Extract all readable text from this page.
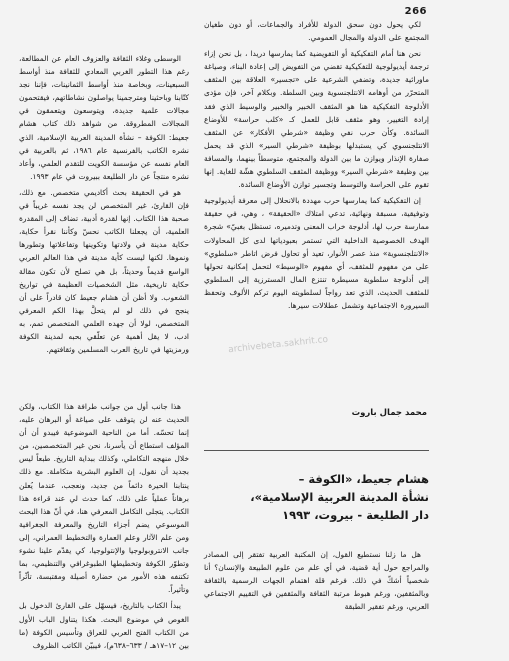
266

لكي يحول دون سحق الدولة للأفراد والجماعات، أو دون طغيان المجتمع على الدولة والمجال العمومي.

نحن هنا أمام التفكيكية أو التفويضية كما يمارسها دريدا ، بل نحن إزاء ترجمة أيديولوجية للتفكيكية تقضي من التفويض إلى إعادة البناء، وصياغة ماورائية جديدة، وتضفي الشرعية على «تجسير» العلاقة بين المثقف المتحرّر من أوهامه الانتلجنسوية وبين السلطة. وبكلام آخر، فإن مؤدى الأدلوجة التفكيكية هنا هو المثقف الخبير والخبير والوسيط الذي فقد إرادة التغيير، وهو مثقف قابل للعمل كـ «كلب حراسة» للأوضاع السائدة. وكأن حرب نفي وظيفة «شرطي الأفكار» عن المثقف الانتلجنسوي كي يستبدلها بوظيفة «شرطي السير» الذي قد يحمل صفارة الإنذار ويوازن ما بين الدولة والمجتمع، متوسطاً بينهما، والمسافة بين وظيفة «شرطي السير» ووظيفة المثقف السلطوي هشّة للغاية. إنها تقوم على الحراسة والتوسط وتجسير توازن الأوضاع السائدة.

إن التفكيكية كما يمارسها حرب مهددة بالانحلال إلى معرفة أيديولوجية وتوفيقية، مسبقة ونهائية، تدعي امتلاك «الحقيقة» ، وهي، في حقيقة ممارسة حرب لها، أدلوجة خراب المعنى وتدميره، تستظل بغبيّ» شجرة الهدف الخصوصية الداخلية التي تستمر بعبودياتها لدى كل المحاولات «الانتلجنسوية» منذ عصر الأنوار، تعيد أو تحاول فرض اتاطر «سلطوي» على من مفهوم للمثقف، أي مفهوم «الوسيط» لتحمل إمكانية تحولها إلى أدلوجة سلطوية مسيطرة تنتزع المال المسترزية إلى السلطوي للمثقف الحديث، الذي تعد رواجاً لسلطويته اليوم تركم الألوف وتحفظ السيرورة الاجتماعية وتشمل عطلالات سيرها.

الوسطى وغلاء الثقافة والعزوف العام عن المطالعة، رغم هذا التطور الغربي المعادي للثقافة منذ أواسط السبعينات، وبخاصة منذ أواسط الثمانينات، فإننا نجد كتّابنا وباحثينا ومترجمينا يواصلون نشاطاتهم، فيقتحمون مجالات علمية جديدة، ويتوسعون ويتعمقون في المجالات المطروقة. من شواهد ذلك كتاب هشام جعيط: الكوفة – نشأة المدينة العربية الإسلامية، الذي نشره الكاتب بالفرنسية عام ١٩٨٦، ثم بالعربية في العام نفسه عن مؤسسة الكويت للتقدم العلمي، وأعاد نشره منتجاً عن دار الطليعة ببيروت في عام ١٩٩٣.

هو في الحقيقة بحث أكاديمي متخصص. مع ذلك، فإن القارئ، غير المتخصص لن يجد نفسه غريباً في صحبة هذا الكتاب. إنها لقدرة أدبية، تضاف إلى المقدرة العلمية، أن يجعلنا الكاتب نحسّ وكأننا نقرأ حكاية، حكاية مدينة في ولادتها وتكوينها وتفاعلاتها وتطورها ونموها. لكنها ليست كأية مدينة في هذا العالم العربي الواسع قديماً وحديثاً، بل هي تصلح لأن تكون مقالة حكاية تاريخية، مثل الشخصيات العظيمة في تواريخ الشعوب. ولا أظن أن هشام جعيط كان قادراً على أن ينجح في ذلك لو لم يتحلَّ بهذا الكم المعرفي المتخصص، لولا أن جهده العلمي المتخصص تمم، به ادب، لا يقل أهمية عن تعلّقي بحبه لمدينة الكوفة ورمزيتها في تاريخ العرب المسلمين وثقافتهم.

هذا جانب أول من جوانب طرافة هذا الكتاب، ولكن الحديث عنه لن يتوقف على صياغة أو البرهان عليه، إنما تحسّه. أما من الناحية الموضوعية فيبدو أن أن المؤلف استطاع أن يأسرنا، نحن غير المتخصصين، من خلال منهجه التكاملي، وكذلك ببداية التاريخ. طبعاً ليس بجديد أن نقول، إن العلوم البشرية متكاملة. مع ذلك ينتابنا الحيرة دائماً من جديد، ونعجب، عندما يُعلن برهاناً عملياً على ذلك، كما حدث لي عند قراءة هذا الكتاب. يتجلى التكامل المعرفي هنا، في أنّ هذا البحث الموسوعي يضم أجزاء التاريخ والمعرفة الجغرافية ومن علم الآثار وعلم العمارة والتخطيط العمراني، إلى جانب الانتروبولوجيا والإنتولوجيا، كي يقدّم علينا نشوء وتطوّر الكوفة وتخطيطها الطبوغرافي والتنظيمي، بما تكتنفه هذه الأمور من حضارة أصيلة ومقتبسة، تأثّراً وتأثيراً.

يبدأ الكتاب بالتاريخ، فيسهّل على القارئ الدخول بل الغوص في موضوع البحث. هكذا يتناول الباب الأول من الكتاب الفتح العربي للعراق وتأسيس الكوفة (ما بين ١٢–١٧هـ / ٦٣٣–٦٣٨م)، فيبيّن الكاتب الظروف

محمد جمال باروت
هشام جعيط، «الكوفة –
نشأة المدينة العربية الإسلامية»،
دار الطليعة - بيروت، ١٩٩٣

هل ما زلنا نستطيع القول، إن المكتبة العربية تفتقر إلى المصادر والمراجع حول أية قضية، في أي علم من علوم الطبيعة والإنسان؟ أنا شخصياً أشكّ في ذلك. فرغم قلة اهتمام الجهات الرسمية بالثقافة وبالمثقفين، ورغم هبوط مرتبة الثقافة والمثقفين في التقييم الاجتماعي العربي، ورغم تفقير الطبقة

archivebeta.sakhrit.co
